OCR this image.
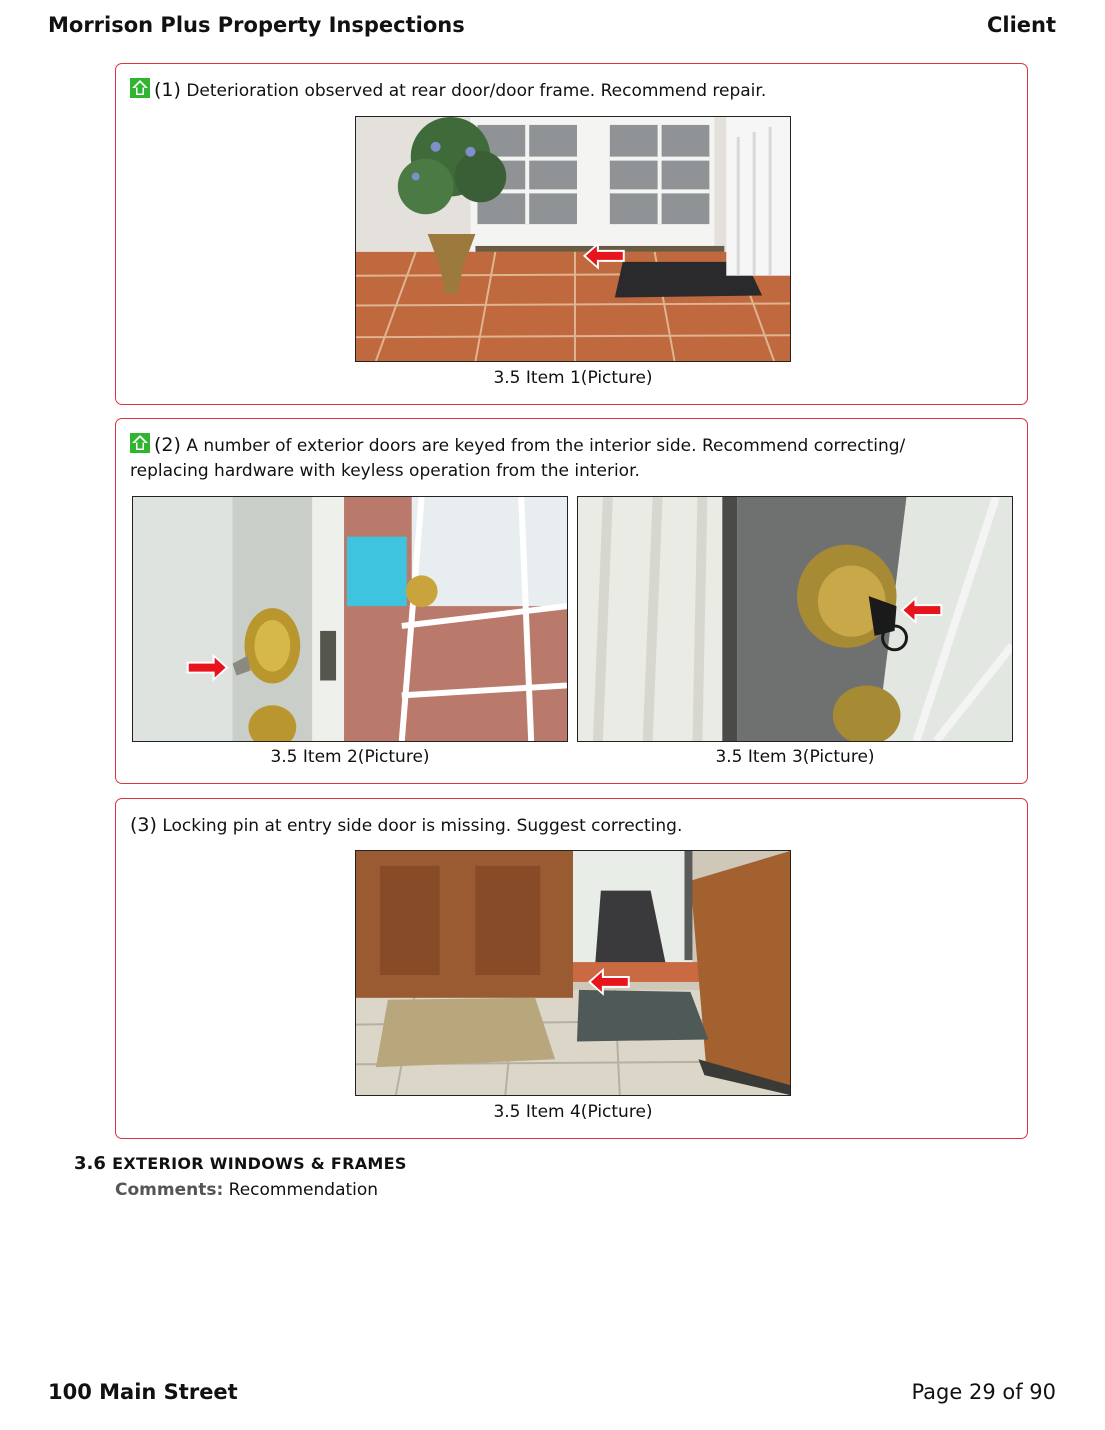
Morrison Plus Property Inspections	Client
(1) Deterioration observed at rear door/door frame. Recommend repair.
3.5 Item 1(Picture)
(2) A number of exterior doors are keyed from the interior side. Recommend correcting/ replacing hardware with keyless operation from the interior.
3.5 Item 2(Picture)	3.5 Item 3(Picture)
(3) Locking pin at entry side door is missing. Suggest correcting.
3.5 Item 4(Picture)
3.6 EXTERIOR WINDOWS & FRAMES
Comments: Recommendation
100 Main Street	Page 29 of 90
